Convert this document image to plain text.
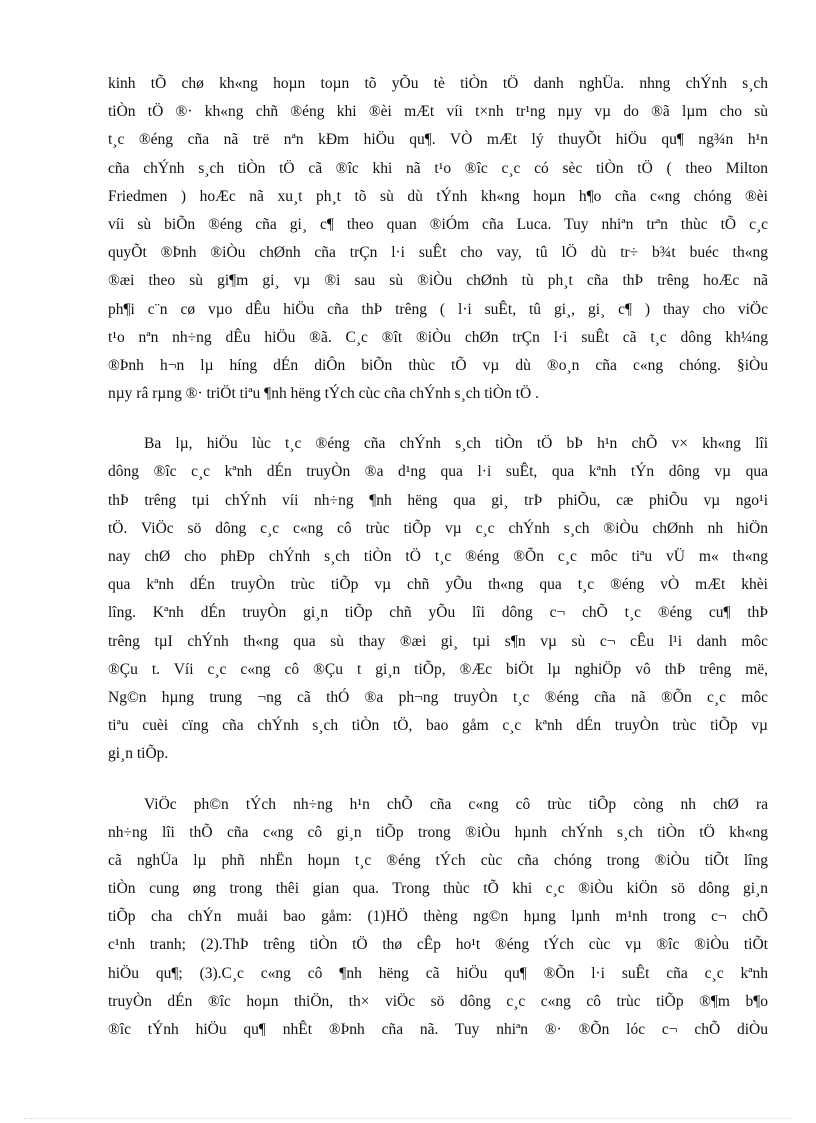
kinh tÕ chø kh«ng hoµn toµn tõ yÕu tè tiÒn tÖ danh nghÜa. nhng chÝnh s¸ch
tiÒn tÖ ®· kh«ng chñ ®éng khi ®èi mÆt víi t×nh tr¹ng nµy vµ do ®ã lµm cho sù
t¸c ®éng cña nã trë nªn kÐm hiÖu qu¶. VÒ mÆt lý thuyÕt hiÖu qu¶ ng¾n h¹n
cña chÝnh s¸ch tiÒn tÖ cã ®îc khi nã t¹o ®îc c¸c có sèc tiÒn tÖ ( theo Milton
Friedmen ) hoÆc nã xu¸t ph¸t tõ sù dù tÝnh kh«ng hoµn h¶o cña c«ng chóng ®èi
víi sù biÕn ®éng cña gi¸ c¶ theo quan ®iÓm cña Luca. Tuy nhiªn trªn thùc tÕ c¸c
quyÕt ®Þnh ®iÒu chØnh cña trÇn l·i suÊt cho vay, tû lÖ dù tr÷ b¾t buéc th«ng
®æi theo sù gi¶m gi¸ vµ ®i sau sù ®iÒu chØnh tù ph¸t cña thÞ trêng hoÆc nã
ph¶i c¨n cø vµo dÊu hiÖu cña thÞ trêng ( l·i suÊt, tû gi¸, gi¸ c¶ ) thay cho viÖc
t¹o nªn nh÷ng dÊu hiÖu ®ã. C¸c ®ît ®iÒu chØn trÇn l·i suÊt cã t¸c dông kh¼ng
®Þnh h¬n lµ híng dÉn diÔn biÕn thùc tÕ vµ dù ®o¸n cña c«ng chóng. §iÒu
nµy râ rµng ®· triÖt tiªu ¶nh hëng tÝch cùc cña chÝnh s¸ch tiÒn tÖ .

Ba lµ, hiÖu lùc t¸c ®éng cña chÝnh s¸ch tiÒn tÖ bÞ h¹n chÕ v× kh«ng lîi
dông ®îc c¸c kªnh dÉn truyÒn ®a d¹ng qua l·i suÊt, qua kªnh tÝn dông vµ qua
thÞ trêng tµi chÝnh víi nh÷ng ¶nh hëng qua gi¸ trÞ phiÕu, cæ phiÕu vµ ngo¹i
tÖ. ViÖc sö dông c¸c c«ng cô trùc tiÕp vµ c¸c chÝnh s¸ch ®iÒu chØnh nh hiÖn
nay chØ cho phÐp chÝnh s¸ch tiÒn tÖ t¸c ®éng ®Õn c¸c môc tiªu vÜ m« th«ng
qua kªnh dÉn truyÒn trùc tiÕp vµ chñ yÕu th«ng qua t¸c ®éng vÒ mÆt khèi
lîng. Kªnh dÉn truyÒn gi¸n tiÕp chñ yÕu lîi dông c¬ chÕ t¸c ®éng cu¶ thÞ
trêng tµI chÝnh th«ng qua sù thay ®æi gi¸ tµi s¶n vµ sù c¬ cÊu l¹i danh môc
®Çu t. Víi c¸c c«ng cô ®Çu t gi¸n tiÕp, ®Æc biÖt lµ nghiÖp vô thÞ trêng më,
Ng©n hµng trung ¬ng cã thÓ ®a ph¬ng truyÒn t¸c ®éng cña nã ®Õn c¸c môc
tiªu cuèi cïng cña chÝnh s¸ch tiÒn tÖ, bao gåm c¸c kªnh dÉn truyÒn trùc tiÕp vµ
gi¸n tiÕp.

ViÖc ph©n tÝch nh÷ng h¹n chÕ cña c«ng cô trùc tiÕp còng nh chØ ra
nh÷ng lîi thÕ cña c«ng cô gi¸n tiÕp trong ®iÒu hµnh chÝnh s¸ch tiÒn tÖ kh«ng
cã nghÜa lµ phñ nhËn hoµn t¸c ®éng tÝch cùc cña chóng trong ®iÒu tiÕt lîng
tiÒn cung øng trong thêi gian qua. Trong thùc tÕ khi c¸c ®iÒu kiÖn sö dông gi¸n
tiÕp cha chÝn muåi bao gåm: (1)HÖ thèng ng©n hµng lµnh m¹nh trong c¬ chÕ
c¹nh tranh; (2).ThÞ trêng tiÒn tÖ thø cÊp ho¹t ®éng tÝch cùc vµ ®îc ®iÒu tiÕt
hiÖu qu¶; (3).C¸c c«ng cô ¶nh hëng cã hiÖu qu¶ ®Õn l·i suÊt cña c¸c kªnh
truyÒn dÉn ®îc hoµn thiÖn, th× viÖc sö dông c¸c c«ng cô trùc tiÕp ®¶m b¶o
®îc tÝnh hiÖu qu¶ nhÊt ®Þnh cña nã. Tuy nhiªn ®· ®Õn lóc c¬ chÕ diÒu
